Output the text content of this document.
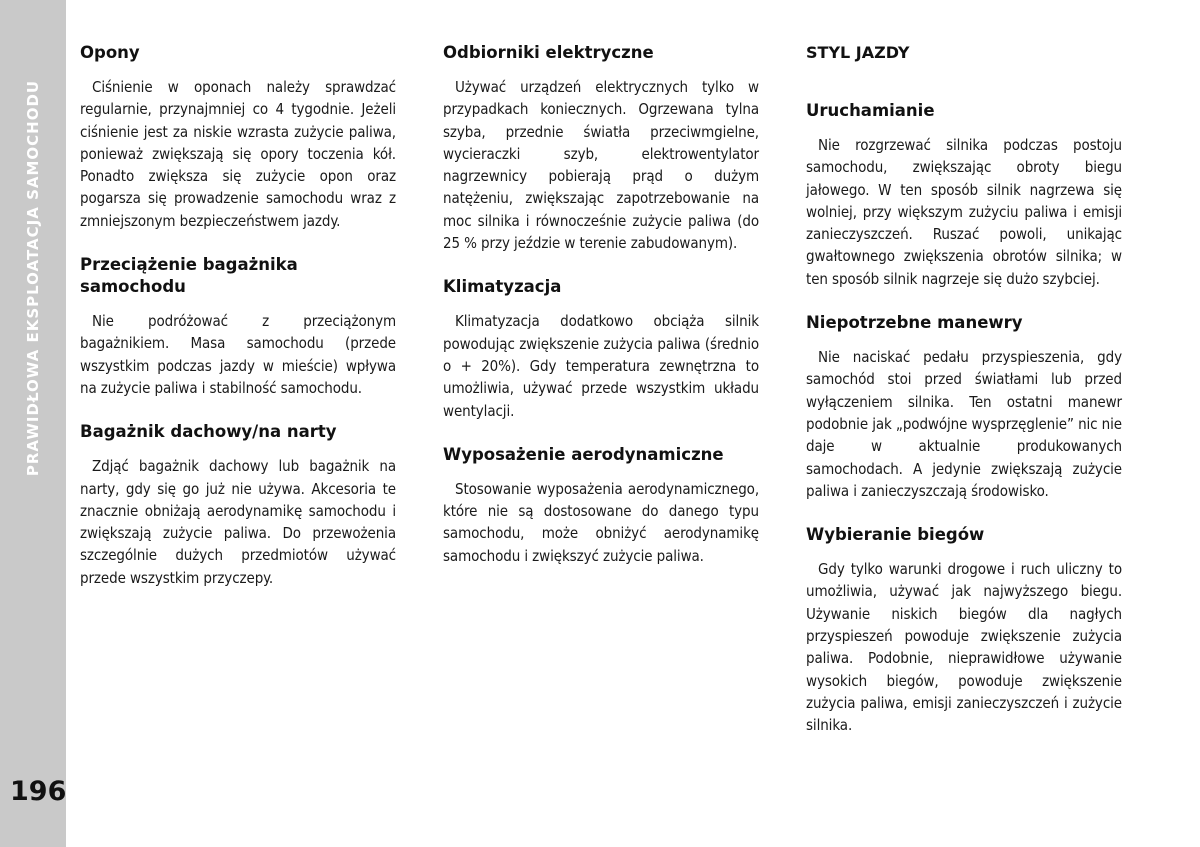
PRAWIDŁOWA EKSPLOATACJA SAMOCHODU
196
Opony

Ciśnienie w oponach należy sprawdzać regularnie, przynajmniej co 4 tygodnie. Jeżeli ciśnienie jest za niskie wzrasta zużycie paliwa, ponieważ zwiększają się opory toczenia kół. Ponadto zwiększa się zużycie opon oraz pogarsza się prowadzenie samochodu wraz z zmniejszonym bezpieczeństwem jazdy.

Przeciążenie bagażnika samochodu

Nie podróżować z przeciążonym bagażnikiem. Masa samochodu (przede wszystkim podczas jazdy w mieście) wpływa na zużycie paliwa i stabilność samochodu.

Bagażnik dachowy/na narty

Zdjąć bagażnik dachowy lub bagażnik na narty, gdy się go już nie używa. Akcesoria te znacznie obniżają aerodynamikę samochodu i zwiększają zużycie paliwa. Do przewożenia szczególnie dużych przedmiotów używać przede wszystkim przyczepy.

Odbiorniki elektryczne

Używać urządzeń elektrycznych tylko w przypadkach koniecznych. Ogrzewana tylna szyba, przednie światła przeciwmgielne, wycieraczki szyb, elektrowentylator nagrzewnicy pobierają prąd o dużym natężeniu, zwiększając zapotrzebowanie na moc silnika i równocześnie zużycie paliwa (do 25 % przy jeździe w terenie zabudowanym).

Klimatyzacja

Klimatyzacja dodatkowo obciąża silnik powodując zwiększenie zużycia paliwa (średnio o + 20%). Gdy temperatura zewnętrzna to umożliwia, używać przede wszystkim układu wentylacji.

Wyposażenie aerodynamiczne

Stosowanie wyposażenia aerodynamicznego, które nie są dostosowane do danego typu samochodu, może obniżyć aerodynamikę samochodu i zwiększyć zużycie paliwa.

STYL JAZDY
Uruchamianie

Nie rozgrzewać silnika podczas postoju samochodu, zwiększając obroty biegu jałowego. W ten sposób silnik nagrzewa się wolniej, przy większym zużyciu paliwa i emisji zanieczyszczeń. Ruszać powoli, unikając gwałtownego zwiększenia obrotów silnika; w ten sposób silnik nagrzeje się dużo szybciej.

Niepotrzebne manewry

Nie naciskać pedału przyspieszenia, gdy samochód stoi przed światłami lub przed wyłączeniem silnika. Ten ostatni manewr podobnie jak „podwójne wysprzęglenie” nic nie daje w aktualnie produkowanych samochodach. A jedynie zwiększają zużycie paliwa i zanieczyszczają środowisko.

Wybieranie biegów

Gdy tylko warunki drogowe i ruch uliczny to umożliwia, używać jak najwyższego biegu. Używanie niskich biegów dla nagłych przyspieszeń powoduje zwiększenie zużycia paliwa. Podobnie, nieprawidłowe używanie wysokich biegów, powoduje zwiększenie zużycia paliwa, emisji zanieczyszczeń i zużycie silnika.
